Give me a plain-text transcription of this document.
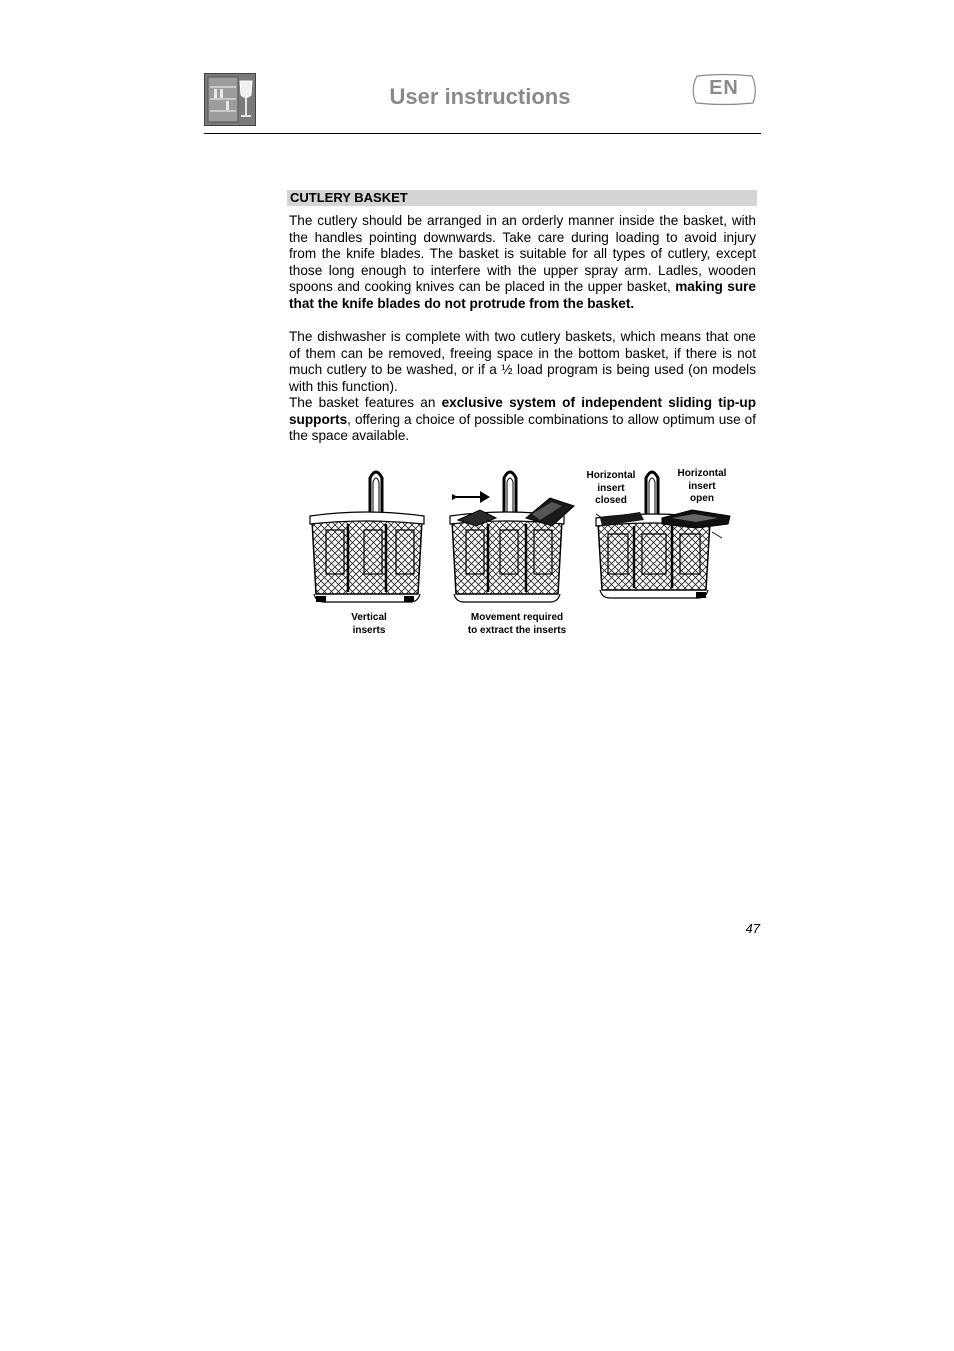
User instructions	EN
CUTLERY BASKET

The cutlery should be arranged in an orderly manner inside the basket, with the handles pointing downwards. Take care during loading to avoid injury from the knife blades. The basket is suitable for all types of cutlery, except those long enough to interfere with the upper spray arm. Ladles, wooden spoons and cooking knives can be placed in the upper basket, making sure that the knife blades do not protrude from the basket.

The dishwasher is complete with two cutlery baskets, which means that one of them can be removed, freeing space in the bottom basket, if there is not much cutlery to be washed, or if a ½ load program is being used (on models with this function).

The basket features an exclusive system of independent sliding tip-up supports, offering a choice of possible combinations to allow optimum use of the space available.

Vertical
inserts
Movement required
to extract the inserts
Horizontal
insert
closed
Horizontal
insert
open
47
